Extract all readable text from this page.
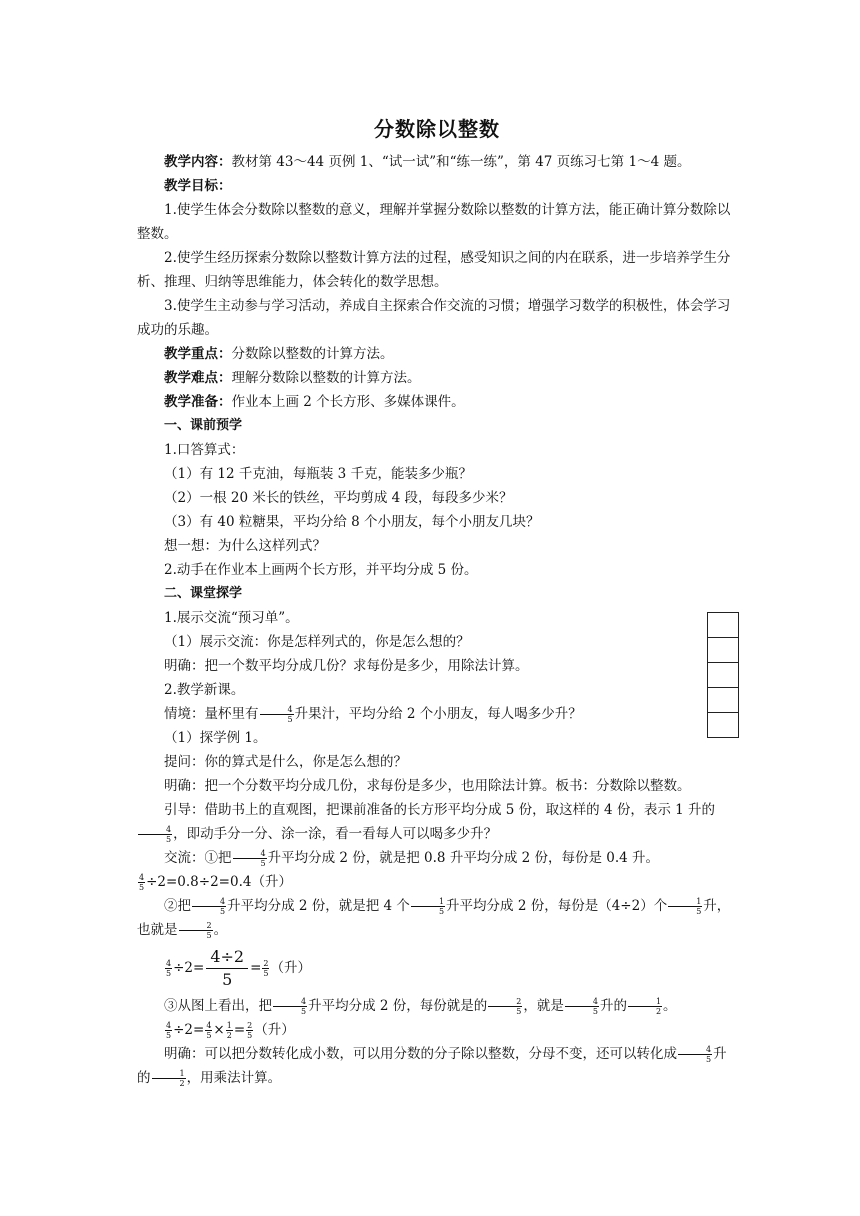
分数除以整数

教学内容：教材第 43～44 页例 1、“试一试”和“练一练”，第 47 页练习七第 1～4 题。

教学目标：

1.使学生体会分数除以整数的意义，理解并掌握分数除以整数的计算方法，能正确计算分数除以整数。

2.使学生经历探索分数除以整数计算方法的过程，感受知识之间的内在联系，进一步培养学生分析、推理、归纳等思维能力，体会转化的数学思想。

3.使学生主动参与学习活动，养成自主探索合作交流的习惯；增强学习数学的积极性，体会学习成功的乐趣。

教学重点：分数除以整数的计算方法。

教学难点：理解分数除以整数的计算方法。

教学准备：作业本上画 2 个长方形、多媒体课件。

一、课前预学

1.口答算式：

（1）有 12 千克油，每瓶装 3 千克，能装多少瓶？

（2）一根 20 米长的铁丝，平均剪成 4 段，每段多少米？

（3）有 40 粒糖果，平均分给 8 个小朋友，每个小朋友几块？

想一想：为什么这样列式？

2.动手在作业本上画两个长方形，并平均分成 5 份。

二、课堂探学

1.展示交流“预习单”。

（1）展示交流：你是怎样列式的，你是怎么想的？

明确：把一个数平均分成几份？求每份是多少，用除法计算。

2.教学新课。

情境：量杯里有 $\frac{4}{5}$ 升果汁，平均分给 2 个小朋友，每人喝多少升？

（1）探学例 1。

提问：你的算式是什么，你是怎么想的？

明确：把一个分数平均分成几份，求每份是多少，也用除法计算。板书：分数除以整数。

引导：借助书上的直观图，把课前准备的长方形平均分成 5 份，取这样的 4 份，表示 1 升的
$\frac{4}{5}$ ，即动手分一分、涂一涂，看一看每人可以喝多少升？

交流：①把 $\frac{4}{5}$ 升平均分成 2 份，就是把 0.8 升平均分成 2 份，每份是 0.4 升。

$\frac{4}{5} \div 2=0.8\div 2=0.4$（升）

②把 $\frac{4}{5}$ 升平均分成 2 份，就是把 4 个 $\frac{1}{5}$ 升平均分成 2 份，每份是（4÷2）个 $\frac{1}{5}$ 升，也就是 $\frac{2}{5}$ 。

$\frac{4}{5} \div 2= \frac{4\div 2}{5} = \frac{2}{5}$ （升）

③从图上看出，把 $\frac{4}{5}$ 升平均分成 2 份，每份就是的 $\frac{2}{5}$ ，就是 $\frac{4}{5}$ 升的 $\frac{1}{2}$ 。

$\frac{4}{5} \div 2= \frac{4}{5} \times \frac{1}{2} = \frac{2}{5}$ （升）

明确：可以把分数转化成小数，可以用分数的分子除以整数，分母不变，还可以转化成 $\frac{4}{5}$ 升的 $\frac{1}{2}$ ，用乘法计算。
